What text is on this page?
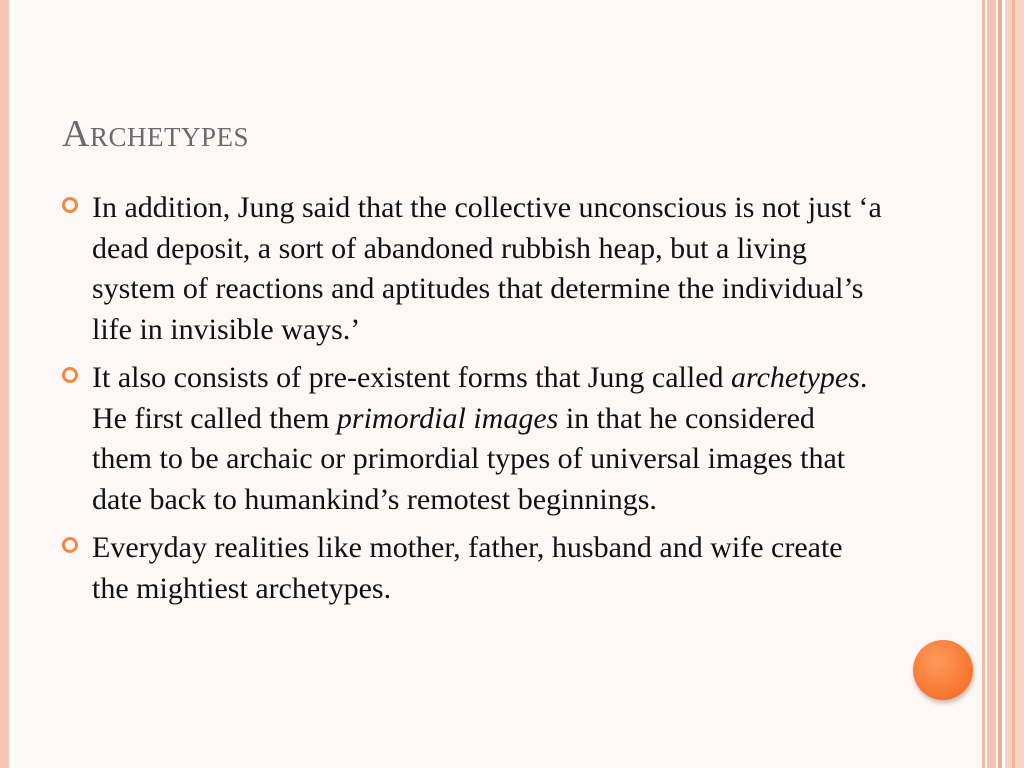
Archetypes
In addition, Jung said that the collective unconscious is not just ‘a dead deposit, a sort of abandoned rubbish heap, but a living system of reactions and aptitudes that determine the individual’s life in invisible ways.’
It also consists of pre-existent forms that Jung called archetypes. He first called them primordial images in that he considered them to be archaic or primordial types of universal images that date back to humankind’s remotest beginnings.
Everyday realities like mother, father, husband and wife create the mightiest archetypes.
